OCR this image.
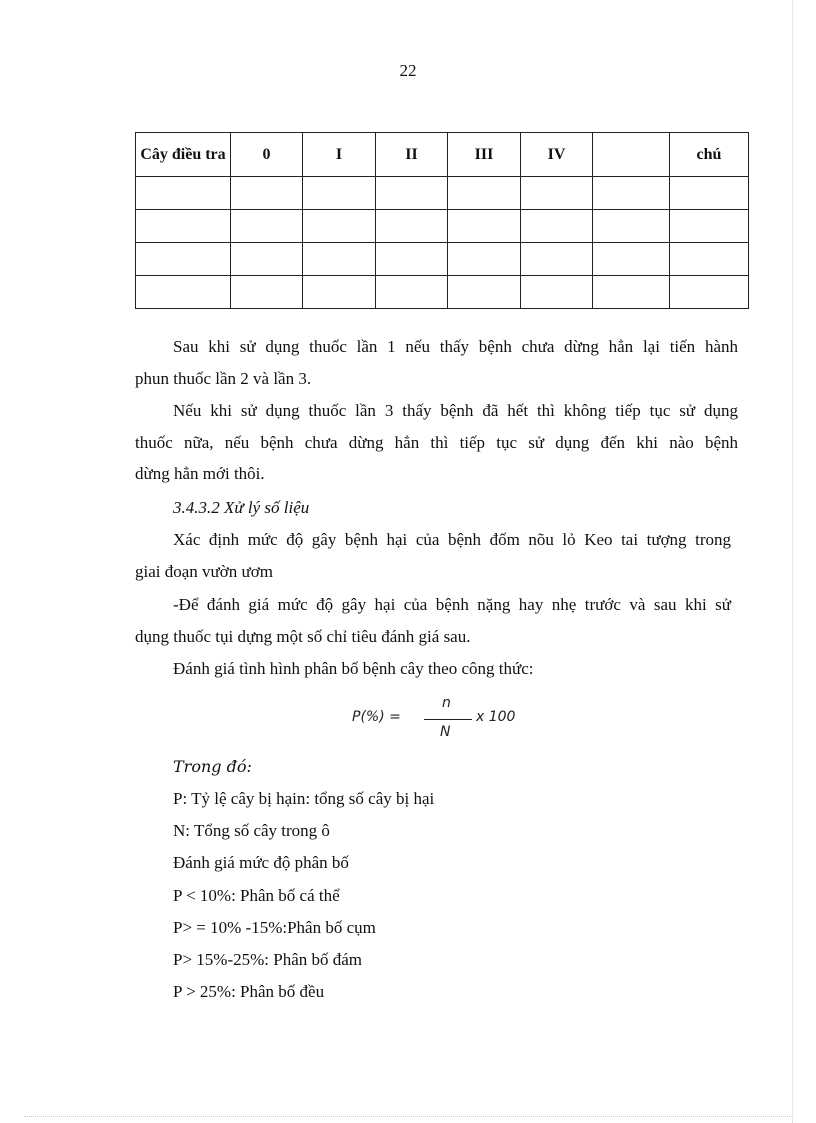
22
Cây điều tra	0	I	II	III	IV		chú

Sau khi sử dụng thuốc lần 1 nếu thấy bệnh chưa dừng hẳn lại tiến hành
phun thuốc lần 2 và lần 3.
Nếu khi sử dụng thuốc lần 3 thấy bệnh đã hết thì không tiếp tục sử dụng
thuốc nữa, nếu bệnh chưa dừng hẳn thì tiếp tục sử dụng đến khi nào bệnh
dừng hẳn mới thôi.
3.4.3.2 Xử lý số liệu
Xác định mức độ gây bệnh hại của bệnh đốm nõu lỏ Keo tai tượng trong
giai đoạn vườn ươm
-Để đánh giá mức độ gây hại của bệnh nặng hay nhẹ trước và sau khi sử
dụng thuốc tụi dựng một số chỉ tiêu đánh giá sau.
Đánh giá tình hình phân bố bệnh cây theo công thức:
P(%) =
n
N
x 100
Trong đó:
P: Tỷ lệ cây bị hạin: tổng số cây bị hại
N: Tổng số cây trong ô
Đánh giá mức độ phân bố
P < 10%: Phân bố cá thể
P> = 10% -15%:Phân bố cụm
P> 15%-25%: Phân bố đám
P > 25%: Phân bố đều
